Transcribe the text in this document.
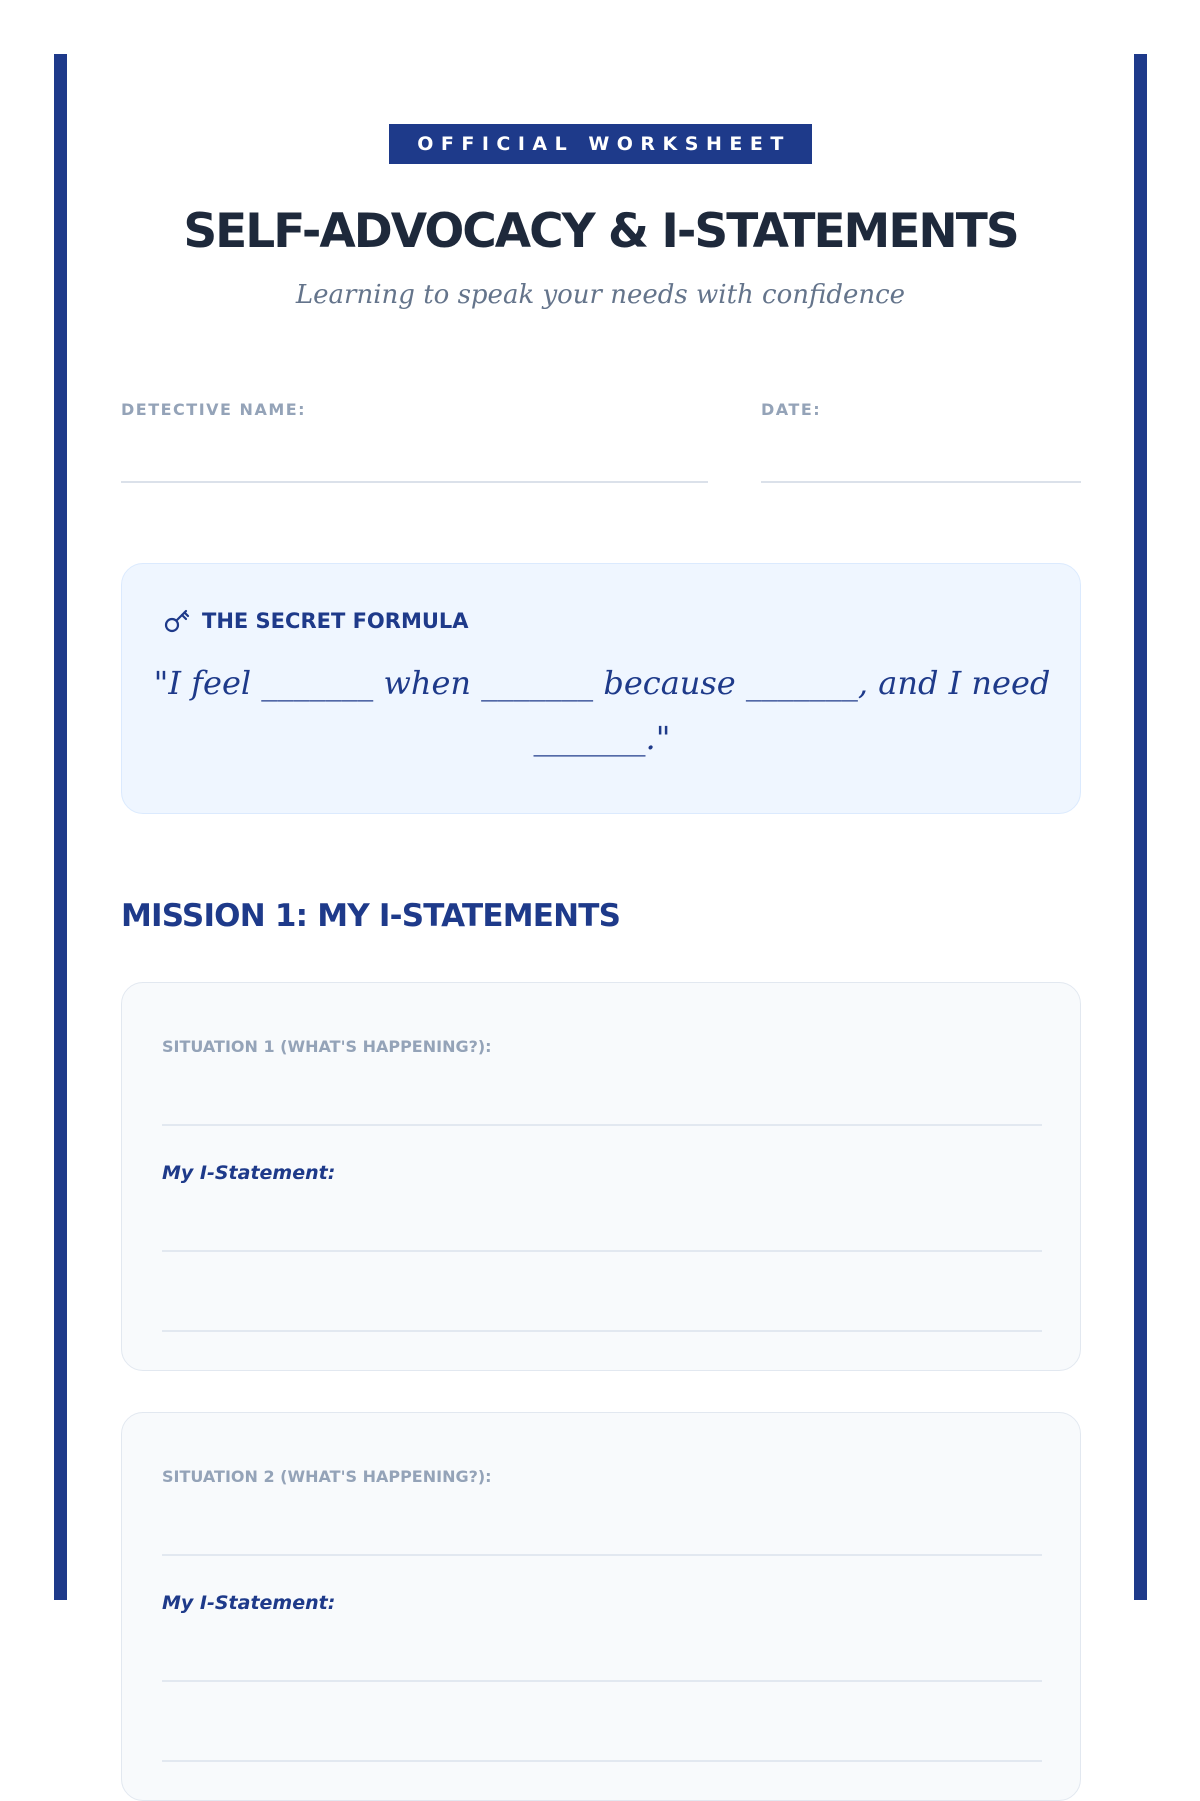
OFFICIAL WORKSHEET
SELF-ADVOCACY & I-STATEMENTS
Learning to speak your needs with confidence
DETECTIVE NAME:	DATE:
THE SECRET FORMULA
"I feel _______ when _______ because _______, and I need _______."
MISSION 1: MY I-STATEMENTS
SITUATION 1 (WHAT'S HAPPENING?):
My I-Statement:
SITUATION 2 (WHAT'S HAPPENING?):
My I-Statement:
